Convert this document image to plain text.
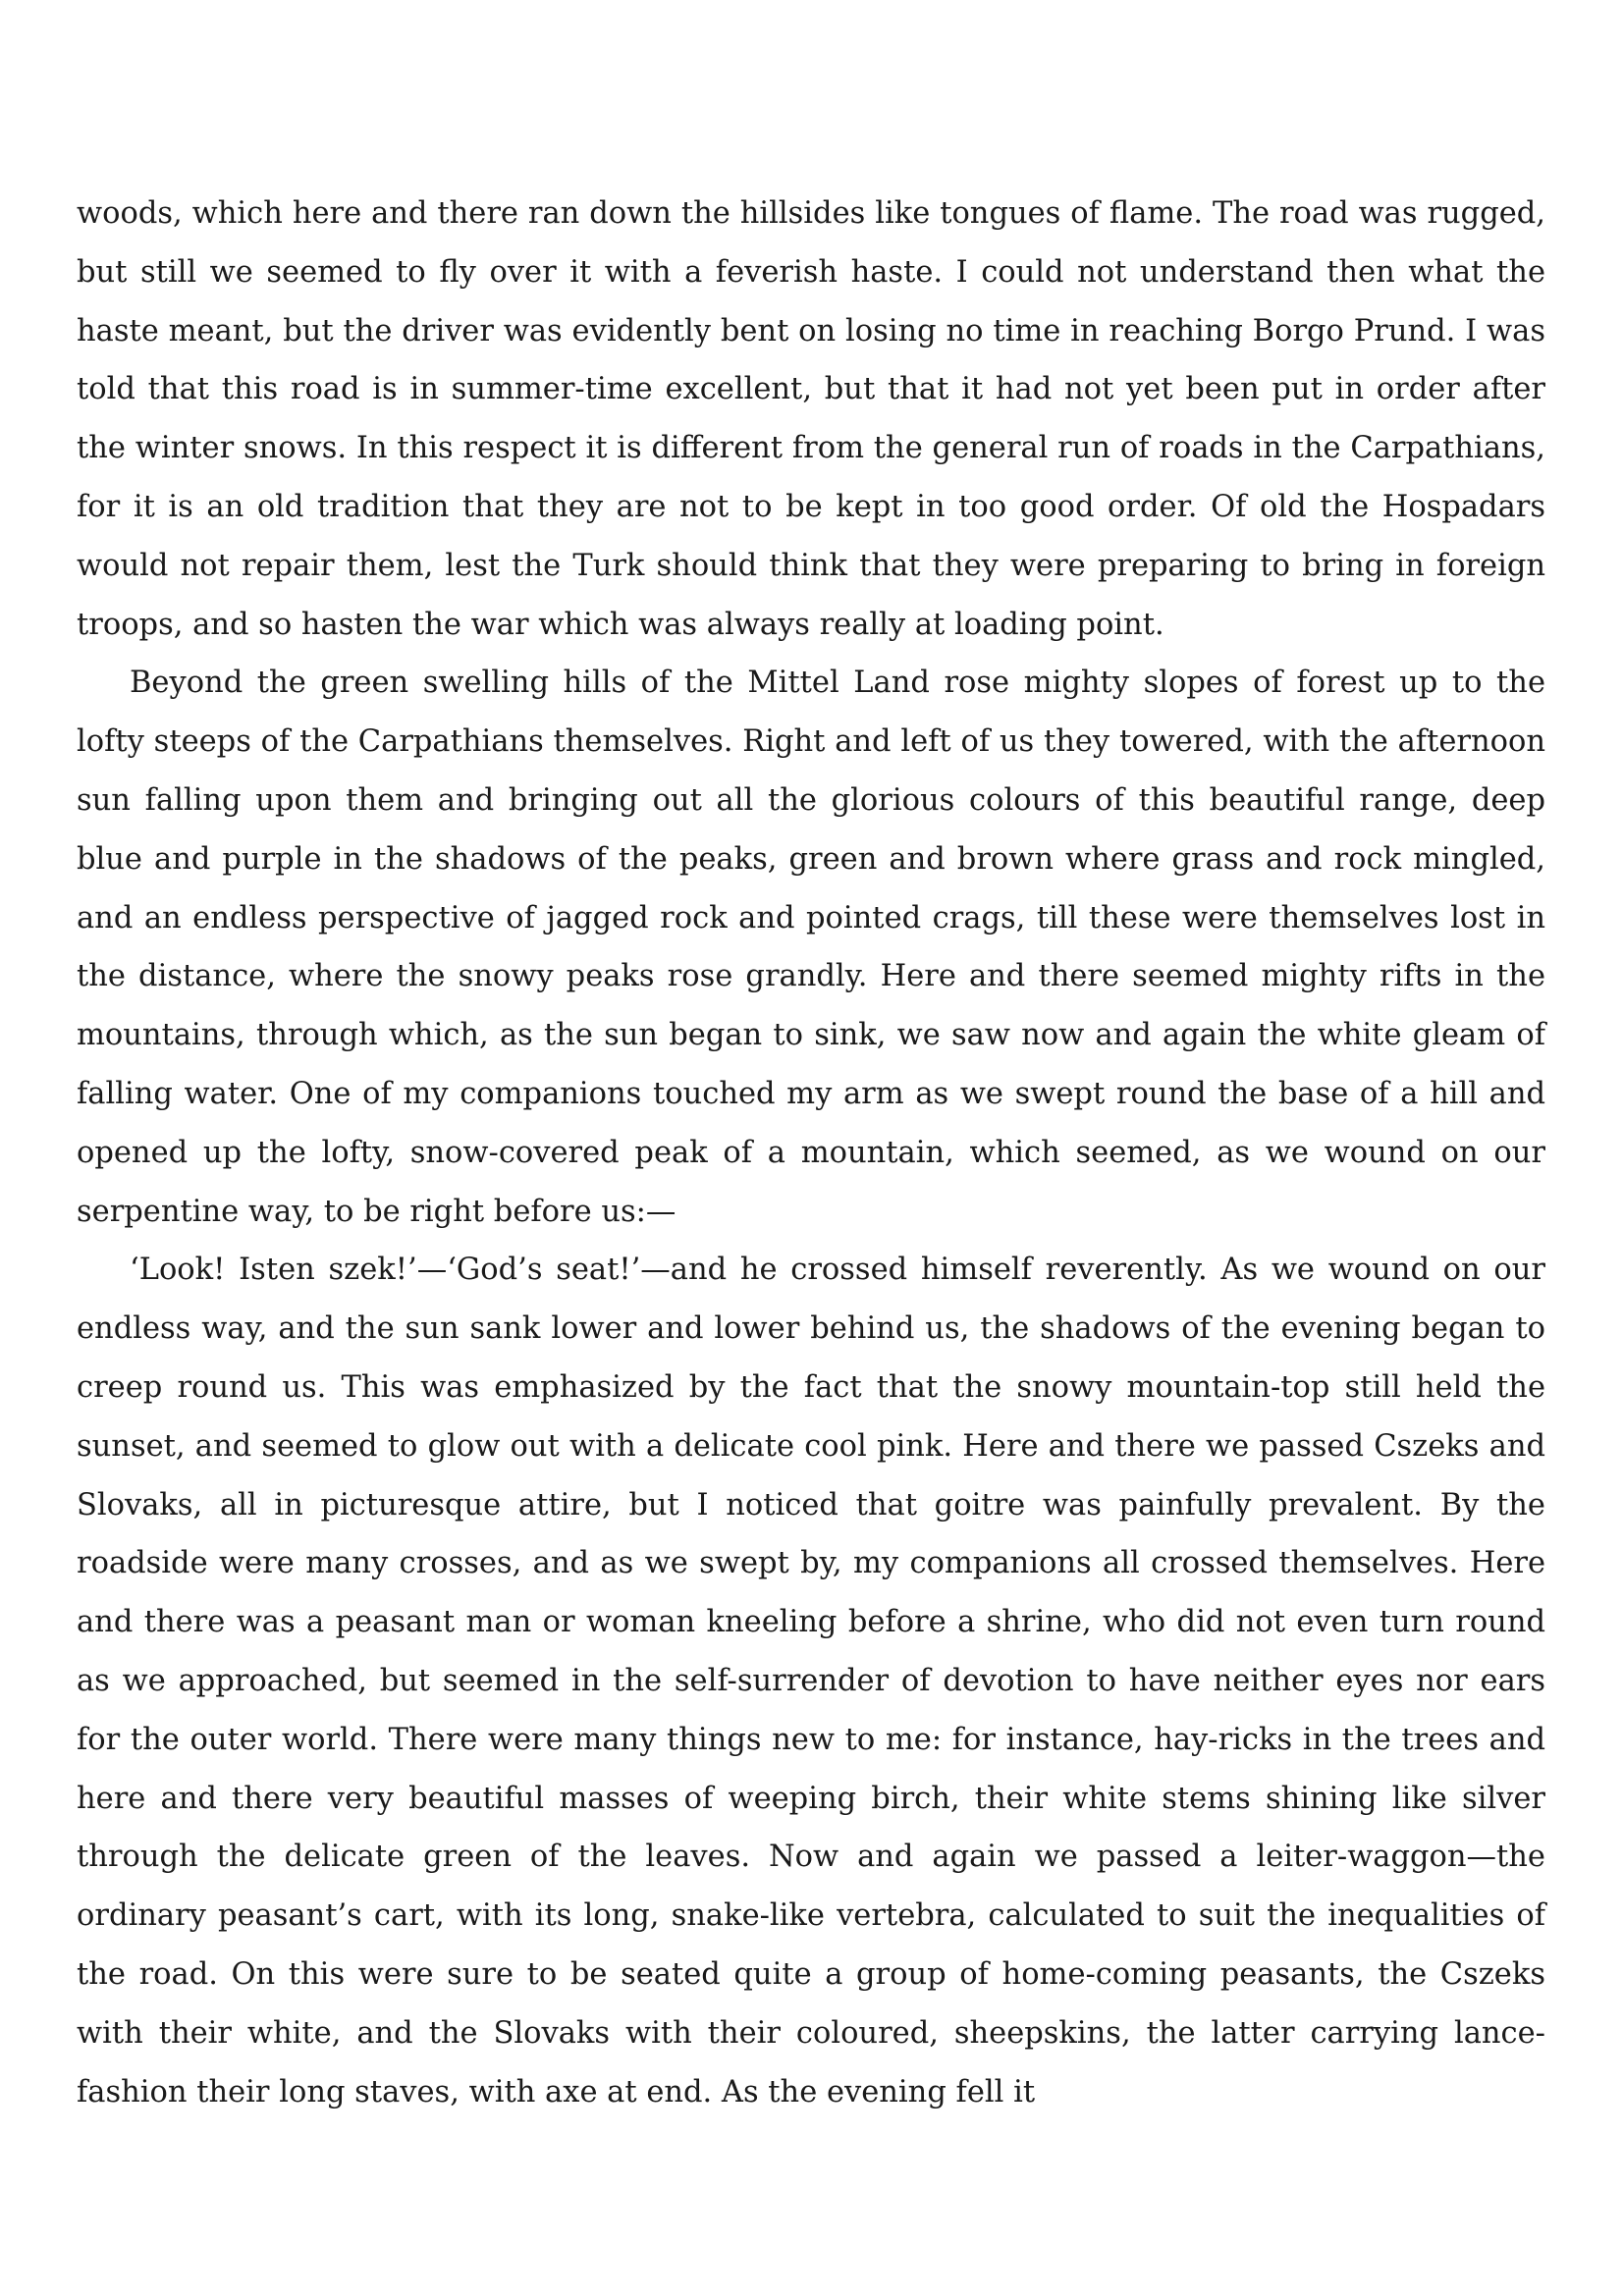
woods, which here and there ran down the hillsides like tongues of flame. The road was rugged, but still we seemed to fly over it with a feverish haste. I could not understand then what the haste meant, but the driver was evidently bent on losing no time in reaching Borgo Prund. I was told that this road is in summer-time excellent, but that it had not yet been put in order after the winter snows. In this respect it is different from the general run of roads in the Carpathians, for it is an old tradition that they are not to be kept in too good order. Of old the Hospadars would not repair them, lest the Turk should think that they were preparing to bring in foreign troops, and so hasten the war which was always really at loading point.

Beyond the green swelling hills of the Mittel Land rose mighty slopes of forest up to the lofty steeps of the Carpathians themselves. Right and left of us they towered, with the afternoon sun falling upon them and bringing out all the glorious colours of this beautiful range, deep blue and purple in the shadows of the peaks, green and brown where grass and rock mingled, and an endless perspective of jagged rock and pointed crags, till these were themselves lost in the distance, where the snowy peaks rose grandly. Here and there seemed mighty rifts in the mountains, through which, as the sun began to sink, we saw now and again the white gleam of falling water. One of my companions touched my arm as we swept round the base of a hill and opened up the lofty, snow-covered peak of a mountain, which seemed, as we wound on our serpentine way, to be right before us:—

‘Look! Isten szek!’—‘God’s seat!’—and he crossed himself reverently. As we wound on our endless way, and the sun sank lower and lower behind us, the shadows of the evening began to creep round us. This was emphasized by the fact that the snowy mountain-top still held the sunset, and seemed to glow out with a delicate cool pink. Here and there we passed Cszeks and Slovaks, all in picturesque attire, but I noticed that goitre was painfully prevalent. By the roadside were many crosses, and as we swept by, my companions all crossed themselves. Here and there was a peasant man or woman kneeling before a shrine, who did not even turn round as we approached, but seemed in the self-surrender of devotion to have neither eyes nor ears for the outer world. There were many things new to me: for instance, hay-ricks in the trees and here and there very beautiful masses of weeping birch, their white stems shining like silver through the delicate green of the leaves. Now and again we passed a leiter-waggon—the ordinary peasant’s cart, with its long, snake-like vertebra, calculated to suit the inequalities of the road. On this were sure to be seated quite a group of home-coming peasants, the Cszeks with their white, and the Slovaks with their coloured, sheepskins, the latter carrying lance-fashion their long staves, with axe at end. As the evening fell it
